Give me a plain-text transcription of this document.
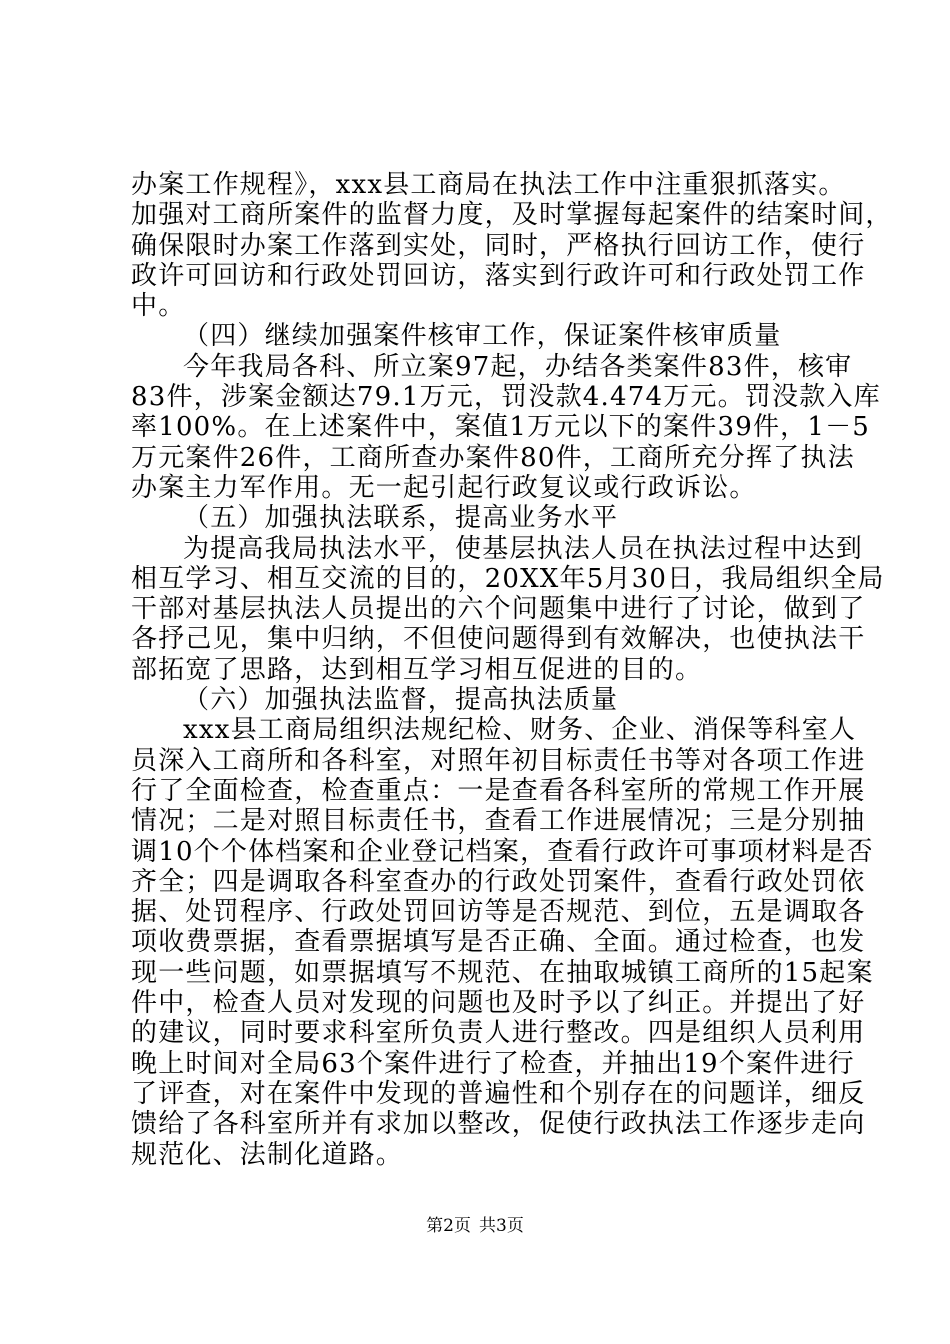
办案工作规程》，xxx县工商局在执法工作中注重狠抓落实。
加强对工商所案件的监督力度，及时掌握每起案件的结案时间，
确保限时办案工作落到实处，同时，严格执行回访工作，使行
政许可回访和行政处罚回访，落实到行政许可和行政处罚工作
中。
（四）继续加强案件核审工作，保证案件核审质量
今年我局各科、所立案97起，办结各类案件83件，核审
83件，涉案金额达79.1万元，罚没款4.474万元。罚没款入库
率100%。在上述案件中，案值1万元以下的案件39件，1－5
万元案件26件，工商所查办案件80件，工商所充分挥了执法
办案主力军作用。无一起引起行政复议或行政诉讼。
（五）加强执法联系，提高业务水平
为提高我局执法水平，使基层执法人员在执法过程中达到
相互学习、相互交流的目的，20XX年5月30日，我局组织全局
干部对基层执法人员提出的六个问题集中进行了讨论，做到了
各抒己见，集中归纳，不但使问题得到有效解决，也使执法干
部拓宽了思路，达到相互学习相互促进的目的。
（六）加强执法监督，提高执法质量
xxx县工商局组织法规纪检、财务、企业、消保等科室人
员深入工商所和各科室，对照年初目标责任书等对各项工作进
行了全面检查，检查重点：一是查看各科室所的常规工作开展
情况；二是对照目标责任书，查看工作进展情况；三是分别抽
调10个个体档案和企业登记档案，查看行政许可事项材料是否
齐全；四是调取各科室查办的行政处罚案件，查看行政处罚依
据、处罚程序、行政处罚回访等是否规范、到位，五是调取各
项收费票据，查看票据填写是否正确、全面。通过检查，也发
现一些问题，如票据填写不规范、在抽取城镇工商所的15起案
件中，检查人员对发现的问题也及时予以了纠正。并提出了好
的建议，同时要求科室所负责人进行整改。四是组织人员利用
晚上时间对全局63个案件进行了检查，并抽出19个案件进行
了评查，对在案件中发现的普遍性和个别存在的问题详，细反
馈给了各科室所并有求加以整改，促使行政执法工作逐步走向
规范化、法制化道路。
第2页 共3页
